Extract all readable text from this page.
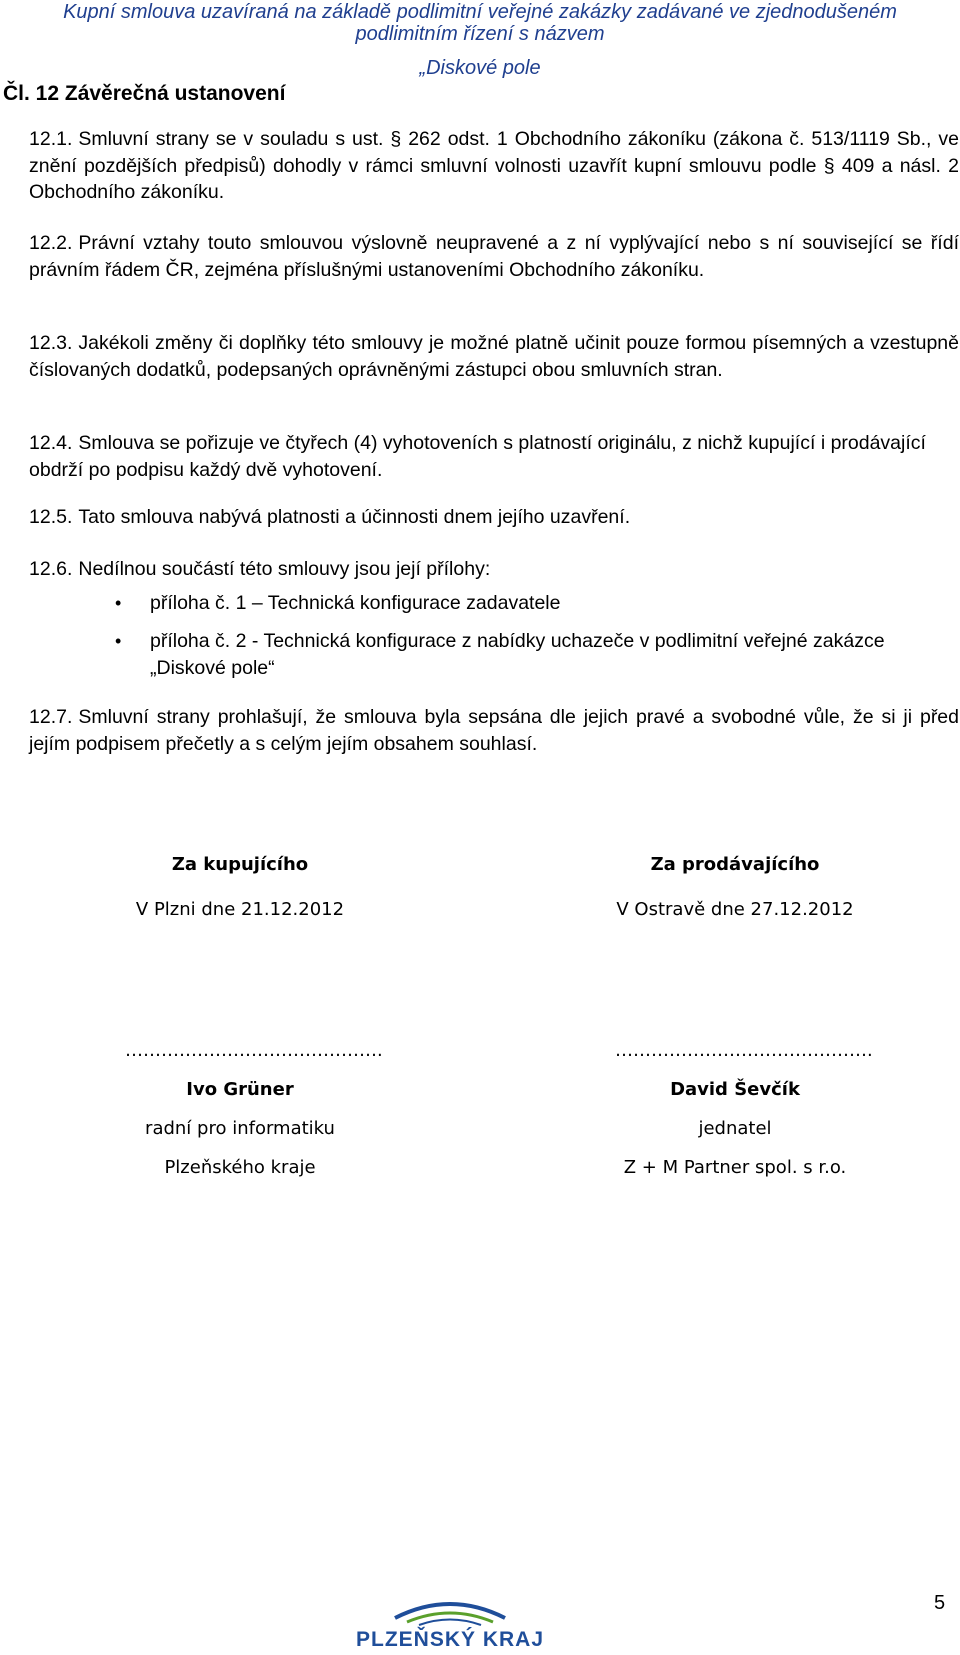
Kupní smlouva uzavíraná na základě podlimitní veřejné zakázky zadávané ve zjednodušeném
podlimitním řízení s názvem
„Diskové pole
Čl. 12 Závěrečná ustanovení
12.1. Smluvní strany se v souladu s ust. § 262 odst. 1 Obchodního zákoníku (zákona č. 513/1119 Sb., ve znění pozdějších předpisů) dohodly v rámci smluvní volnosti uzavřít kupní smlouvu podle § 409 a násl. 2 Obchodního zákoníku.
12.2. Právní vztahy touto smlouvou výslovně neupravené a z ní vyplývající nebo s ní související se řídí právním řádem ČR, zejména příslušnými ustanoveními Obchodního zákoníku.
12.3. Jakékoli změny či doplňky této smlouvy je možné platně učinit pouze formou písemných a vzestupně číslovaných dodatků, podepsaných oprávněnými zástupci obou smluvních stran.
12.4. Smlouva se pořizuje ve čtyřech (4) vyhotoveních s platností originálu, z nichž kupující i prodávající obdrží po podpisu každý dvě vyhotovení.
12.5. Tato smlouva nabývá platnosti a účinnosti dnem jejího uzavření.
12.6. Nedílnou součástí této smlouvy jsou její přílohy:
• příloha č. 1 – Technická konfigurace zadavatele
• příloha č. 2 - Technická konfigurace z nabídky uchazeče v podlimitní veřejné zakázce „Diskové pole“
12.7. Smluvní strany prohlašují, že smlouva byla sepsána dle jejich pravé a svobodné vůle, že si ji před jejím podpisem přečetly a s celým jejím obsahem souhlasí.
Za kupujícího
V Plzni dne 21.12.2012
…………………………………….
Ivo Grüner
radní pro informatiku
Plzeňského kraje
Za prodávajícího
V Ostravě dne 27.12.2012
…………………………………….
David Ševčík
jednatel
Z + M Partner spol. s r.o.
PLZEŇSKÝ KRAJ
5
